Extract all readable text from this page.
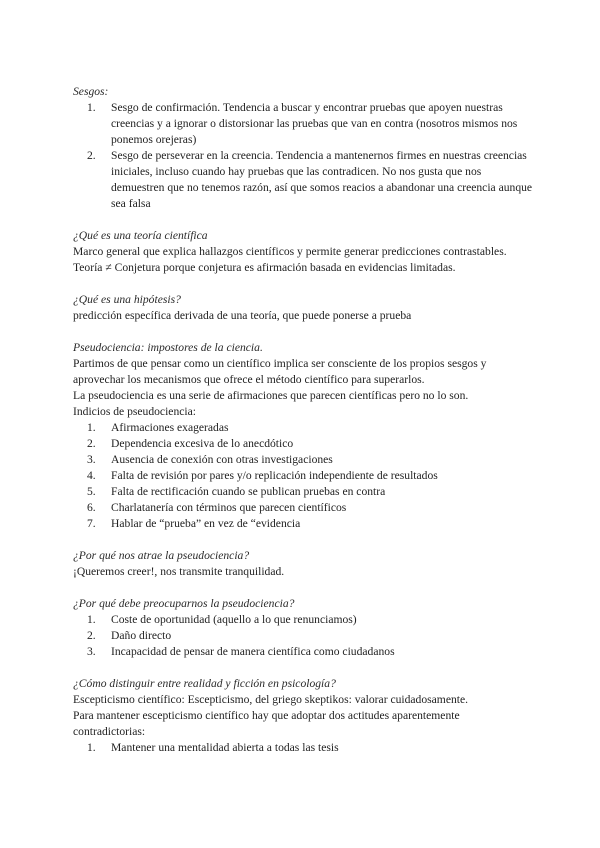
Sesgos:
1. Sesgo de confirmación. Tendencia a buscar y encontrar pruebas que apoyen nuestras creencias y a ignorar o distorsionar las pruebas que van en contra (nosotros mismos nos ponemos orejeras)
2. Sesgo de perseverar en la creencia. Tendencia a mantenernos firmes en nuestras creencias iniciales, incluso cuando hay pruebas que las contradicen. No nos gusta que nos demuestren que no tenemos razón, así que somos reacios a abandonar una creencia aunque sea falsa
¿Qué es una teoría científica

Marco general que explica hallazgos científicos y permite generar predicciones contrastables.

Teoría ≠ Conjetura porque conjetura es afirmación basada en evidencias limitadas.

¿Qué es una hipótesis?

predicción específica derivada de una teoría, que puede ponerse a prueba

Pseudociencia: impostores de la ciencia.

Partimos de que pensar como un científico implica ser consciente de los propios sesgos y aprovechar los mecanismos que ofrece el método científico para superarlos.

La pseudociencia es una serie de afirmaciones que parecen científicas pero no lo son.

Indicios de pseudociencia:

1. Afirmaciones exageradas
2. Dependencia excesiva de lo anecdótico
3. Ausencia de conexión con otras investigaciones
4. Falta de revisión por pares y/o replicación independiente de resultados
5. Falta de rectificación cuando se publican pruebas en contra
6. Charlatanería con términos que parecen científicos
7. Hablar de “prueba” en vez de “evidencia
¿Por qué nos atrae la pseudociencia?

¡Queremos creer!, nos transmite tranquilidad.

¿Por qué debe preocuparnos la pseudociencia?
1. Coste de oportunidad (aquello a lo que renunciamos)
2. Daño directo
3. Incapacidad de pensar de manera científica como ciudadanos
¿Cómo distinguir entre realidad y ficción en psicología?

Escepticismo científico: Escepticismo, del griego skeptikos: valorar cuidadosamente.

Para mantener escepticismo científico hay que adoptar dos actitudes aparentemente contradictorias:

1. Mantener una mentalidad abierta a todas las tesis
